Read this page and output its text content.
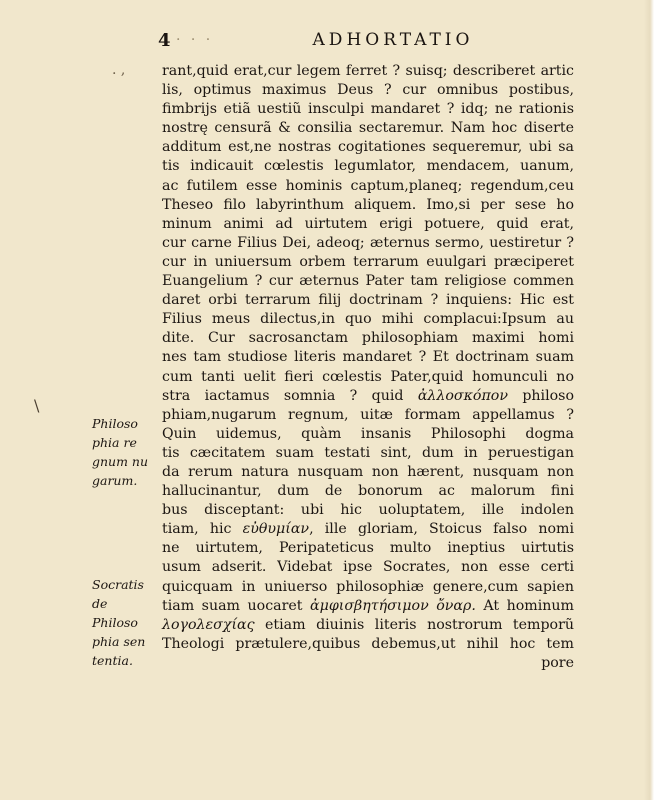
4 · · ·	ADHORTATIO
. ,
\
rant,quid erat,cur legem ferret ? suisq; describeret artic
lis, optimus maximus Deus ? cur omnibus postibus,
fimbrijs etiã uestiũ insculpi mandaret ? idq; ne rationis
nostrę censurã & consilia sectaremur. Nam hoc diserte
additum est,ne nostras cogitationes sequeremur, ubi sa
tis indicauit cœlestis legumlator, mendacem, uanum,
ac futilem esse hominis captum,planeq; regendum,ceu
Theseo filo labyrinthum aliquem. Imo,si per sese ho
minum animi ad uirtutem erigi potuere, quid erat,
cur carne Filius Dei, adeoq; æternus sermo, uestiretur ?
cur in uniuersum orbem terrarum euulgari præciperet
Euangelium ? cur æternus Pater tam religiose commen
daret orbi terrarum filij doctrinam ? inquiens: Hic est
Filius meus dilectus,in quo mihi complacui:Ipsum au
dite. Cur sacrosanctam philosophiam maximi homi
nes tam studiose literis mandaret ? Et doctrinam suam
cum tanti uelit fieri cœlestis Pater,quid homunculi no
stra iactamus somnia ? quid ἀλλοσκόπον philoso
phiam,nugarum regnum, uitæ formam appellamus ?
Quin uidemus, quàm insanis Philosophi dogma
tis cæcitatem suam testati sint, dum in peruestigan
da rerum natura nusquam non hærent, nusquam non
hallucinantur, dum de bonorum ac malorum fini
bus disceptant: ubi hic uoluptatem, ille indolen
tiam, hic εὐθυμίαν, ille gloriam, Stoicus falso nomi
ne uirtutem, Peripateticus multo ineptius uirtutis
usum adserit. Videbat ipse Socrates, non esse certi
quicquam in uniuerso philosophiæ genere,cum sapien
tiam suam uocaret ἀμφισβητήσιμον ὄναρ. At hominum
λογολεσχίας etiam diuinis literis nostrorum temporũ
Theologi prætulere,quibus debemus,ut nihil hoc tem
pore
Philoso
phia re
gnum nu
garum.
Socratis
de Philoso
phia sen
tentia.
